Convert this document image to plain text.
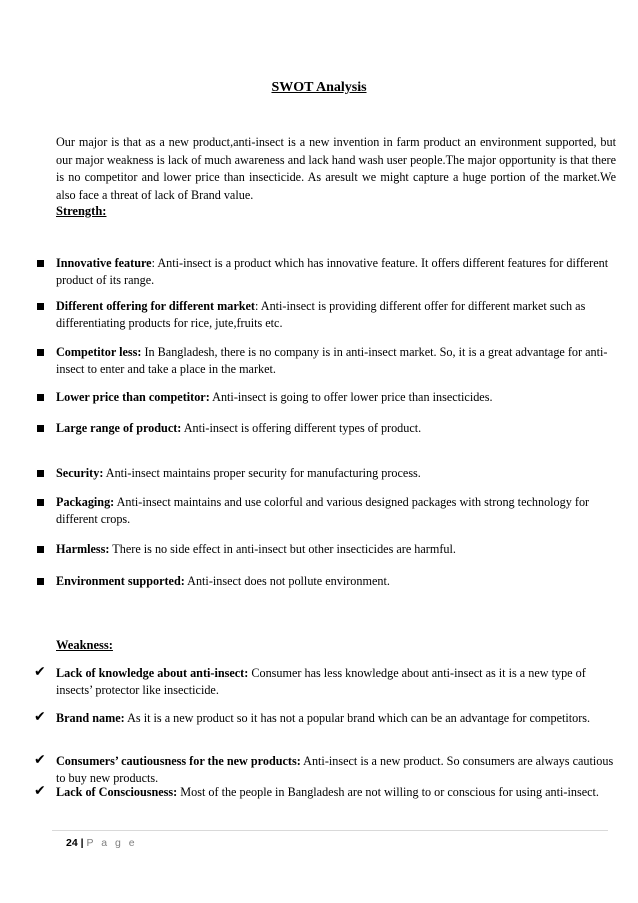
SWOT Analysis
Our major is that as a new product,anti-insect is a new invention in farm product an environment supported, but our major weakness is lack of much awareness and lack hand wash user people.The major opportunity is that there is no competitor and lower price than insecticide. As aresult we might capture a huge portion of the market.We also face a threat of lack of Brand value.
Strength:
Innovative feature: Anti-insect is a product which has innovative feature. It offers different features for different product of its range.
Different offering for different market: Anti-insect is providing different offer for different market such as differentiating products for rice, jute,fruits etc.
Competitor less: In Bangladesh, there is no company is in anti-insect market. So, it is a great advantage for anti-insect to enter and take a place in the market.
Lower price than competitor: Anti-insect is going to offer lower price than insecticides.
Large range of product: Anti-insect is offering different types of product.
Security: Anti-insect maintains proper security for manufacturing process.
Packaging: Anti-insect maintains and use colorful and various designed packages with strong technology for different crops.
Harmless: There is no side effect in anti-insect but other insecticides are harmful.
Environment supported: Anti-insect does not pollute environment.
Weakness:
✔ Lack of knowledge about anti-insect: Consumer has less knowledge about anti-insect as it is a new type of insects’ protector like insecticide.
✔ Brand name: As it is a new product so it has not a popular brand which can be an advantage for competitors.
✔ Consumers’ cautiousness for the new products: Anti-insect is a new product. So consumers are always cautious to buy new products.
✔ Lack of Consciousness: Most of the people in Bangladesh are not willing to or conscious for using anti-insect.
24 | P a g e
